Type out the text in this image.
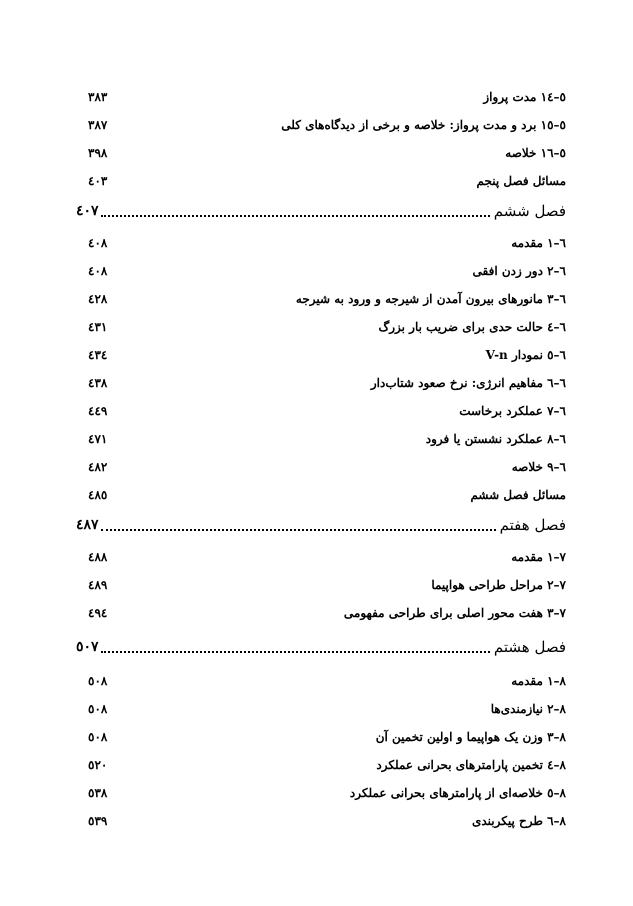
٥–١٤ مدت پرواز
٣٨٣
٥–١٥ برد و مدت پرواز: خلاصه و برخی از دیدگاه‌های کلی
٣٨٧
٥–١٦ خلاصه
٣٩٨
مسائل فصل پنجم
٤٠٣
فصل ششم
٤٠٧
٦–١ مقدمه
٤٠٨
٦–٢ دور زدن افقی
٤٠٨
٦–٣ مانورهای بیرون آمدن از شیرجه و ورود به شیرجه
٤٢٨
٦–٤ حالت حدی برای ضریب بار بزرگ
٤٣١
٦–٥ نمودار V-n
٤٣٤
٦–٦ مفاهیم انرژی: نرخ صعود شتاب‌دار
٤٣٨
٦–٧ عملکرد برخاست
٤٤٩
٦–٨ عملکرد نشستن یا فرود
٤٧١
٦–٩ خلاصه
٤٨٢
مسائل فصل ششم
٤٨٥
فصل هفتم
٤٨٧
٧–١ مقدمه
٤٨٨
٧–٢ مراحل طراحی هواپیما
٤٨٩
٧–٣ هفت محور اصلی برای طراحی مفهومی
٤٩٤
فصل هشتم
٥٠٧
٨–١ مقدمه
٥٠٨
٨–٢ نیازمندی‌ها
٥٠٨
٨–٣ وزن یک هواپیما و اولین تخمین آن
٥٠٨
٨–٤ تخمین پارامترهای بحرانی عملکرد
٥٢٠
٨–٥ خلاصه‌ای از پارامترهای بحرانی عملکرد
٥٣٨
٨–٦ طرح پیکربندی
٥٣٩
